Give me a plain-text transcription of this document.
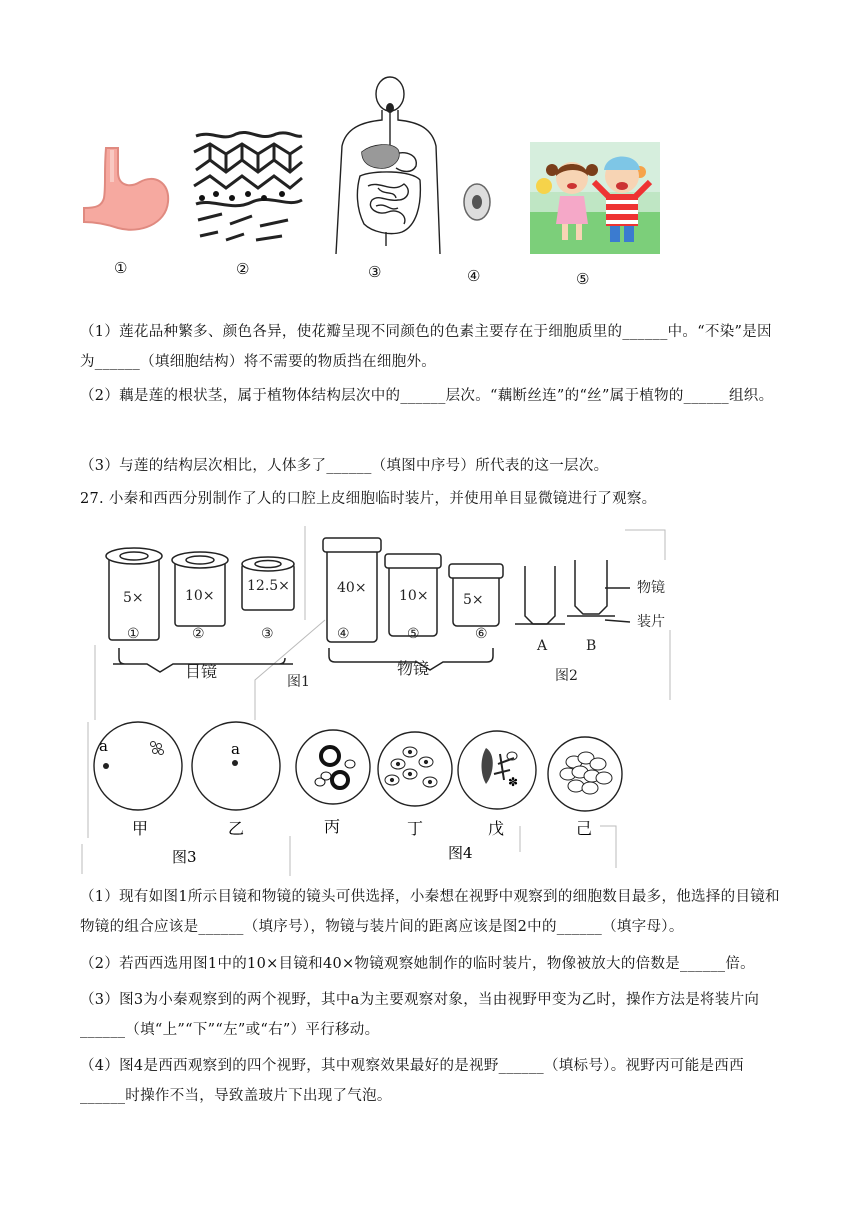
①	②	③	④	⑤
（1）莲花品种繁多、颜色各异，使花瓣呈现不同颜色的色素主要存在于细胞质里的______中。“不染”是因为______（填细胞结构）将不需要的物质挡在细胞外。
（2）藕是莲的根状茎，属于植物体结构层次中的______层次。“藕断丝连”的“丝”属于植物的______组织。
（3）与莲的结构层次相比，人体多了______（填图中序号）所代表的这一层次。
27. 小秦和西西分别制作了人的口腔上皮细胞临时装片，并使用单目显微镜进行了观察。
5×	10×
12.5×	40× 10× 5×
①	②	③	④	⑤	⑥
目镜	物镜
图1
物镜
装片
A	B
图2
a	a
甲	乙
图3
✽
丙	丁	戊	己
图4
（1）现有如图1所示目镜和物镜的镜头可供选择，小秦想在视野中观察到的细胞数目最多，他选择的目镜和物镜的组合应该是______（填序号），物镜与装片间的距离应该是图2中的______（填字母）。
（2）若西西选用图1中的10×目镜和40×物镜观察她制作的临时装片，物像被放大的倍数是______倍。
（3）图3为小秦观察到的两个视野，其中a为主要观察对象，当由视野甲变为乙时，操作方法是将装片向______（填“上”“下”“左”或“右”）平行移动。
（4）图4是西西观察到的四个视野，其中观察效果最好的是视野______（填标号）。视野丙可能是西西______时操作不当，导致盖玻片下出现了气泡。
